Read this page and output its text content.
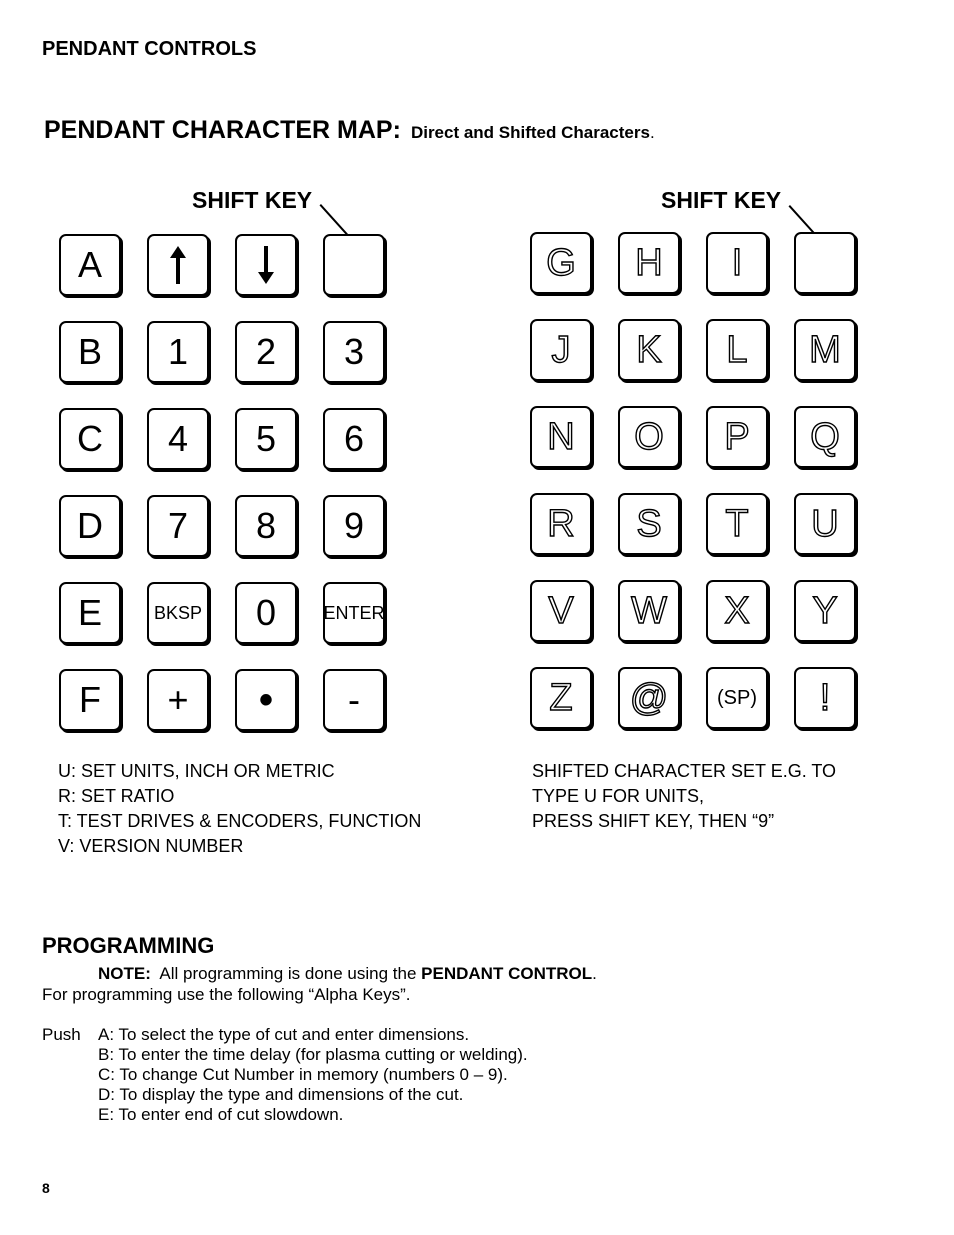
PENDANT CONTROLS
PENDANT CHARACTER MAP: Direct and Shifted Characters.
SHIFT KEY
A
B 1 2 3
C 4 5 6
D 7 8 9
E	BKSP 0	ENTER
F + • -
SHIFT KEY
G H I
J K L M
N O P Q
R S T U
V W X Y
Z @ (SP) !
U: SET UNITS, INCH OR METRIC
R: SET RATIO
T: TEST DRIVES & ENCODERS, FUNCTION
V: VERSION NUMBER
SHIFTED CHARACTER SET E.G. TO
TYPE U FOR UNITS,
PRESS SHIFT KEY, THEN “9”
PROGRAMMING
NOTE: All programming is done using the PENDANT CONTROL.
For programming use the following “Alpha Keys”.
Push A: To select the type of cut and enter dimensions.
B: To enter the time delay (for plasma cutting or welding).
C: To change Cut Number in memory (numbers 0 – 9).
D: To display the type and dimensions of the cut.
E: To enter end of cut slowdown.
8
